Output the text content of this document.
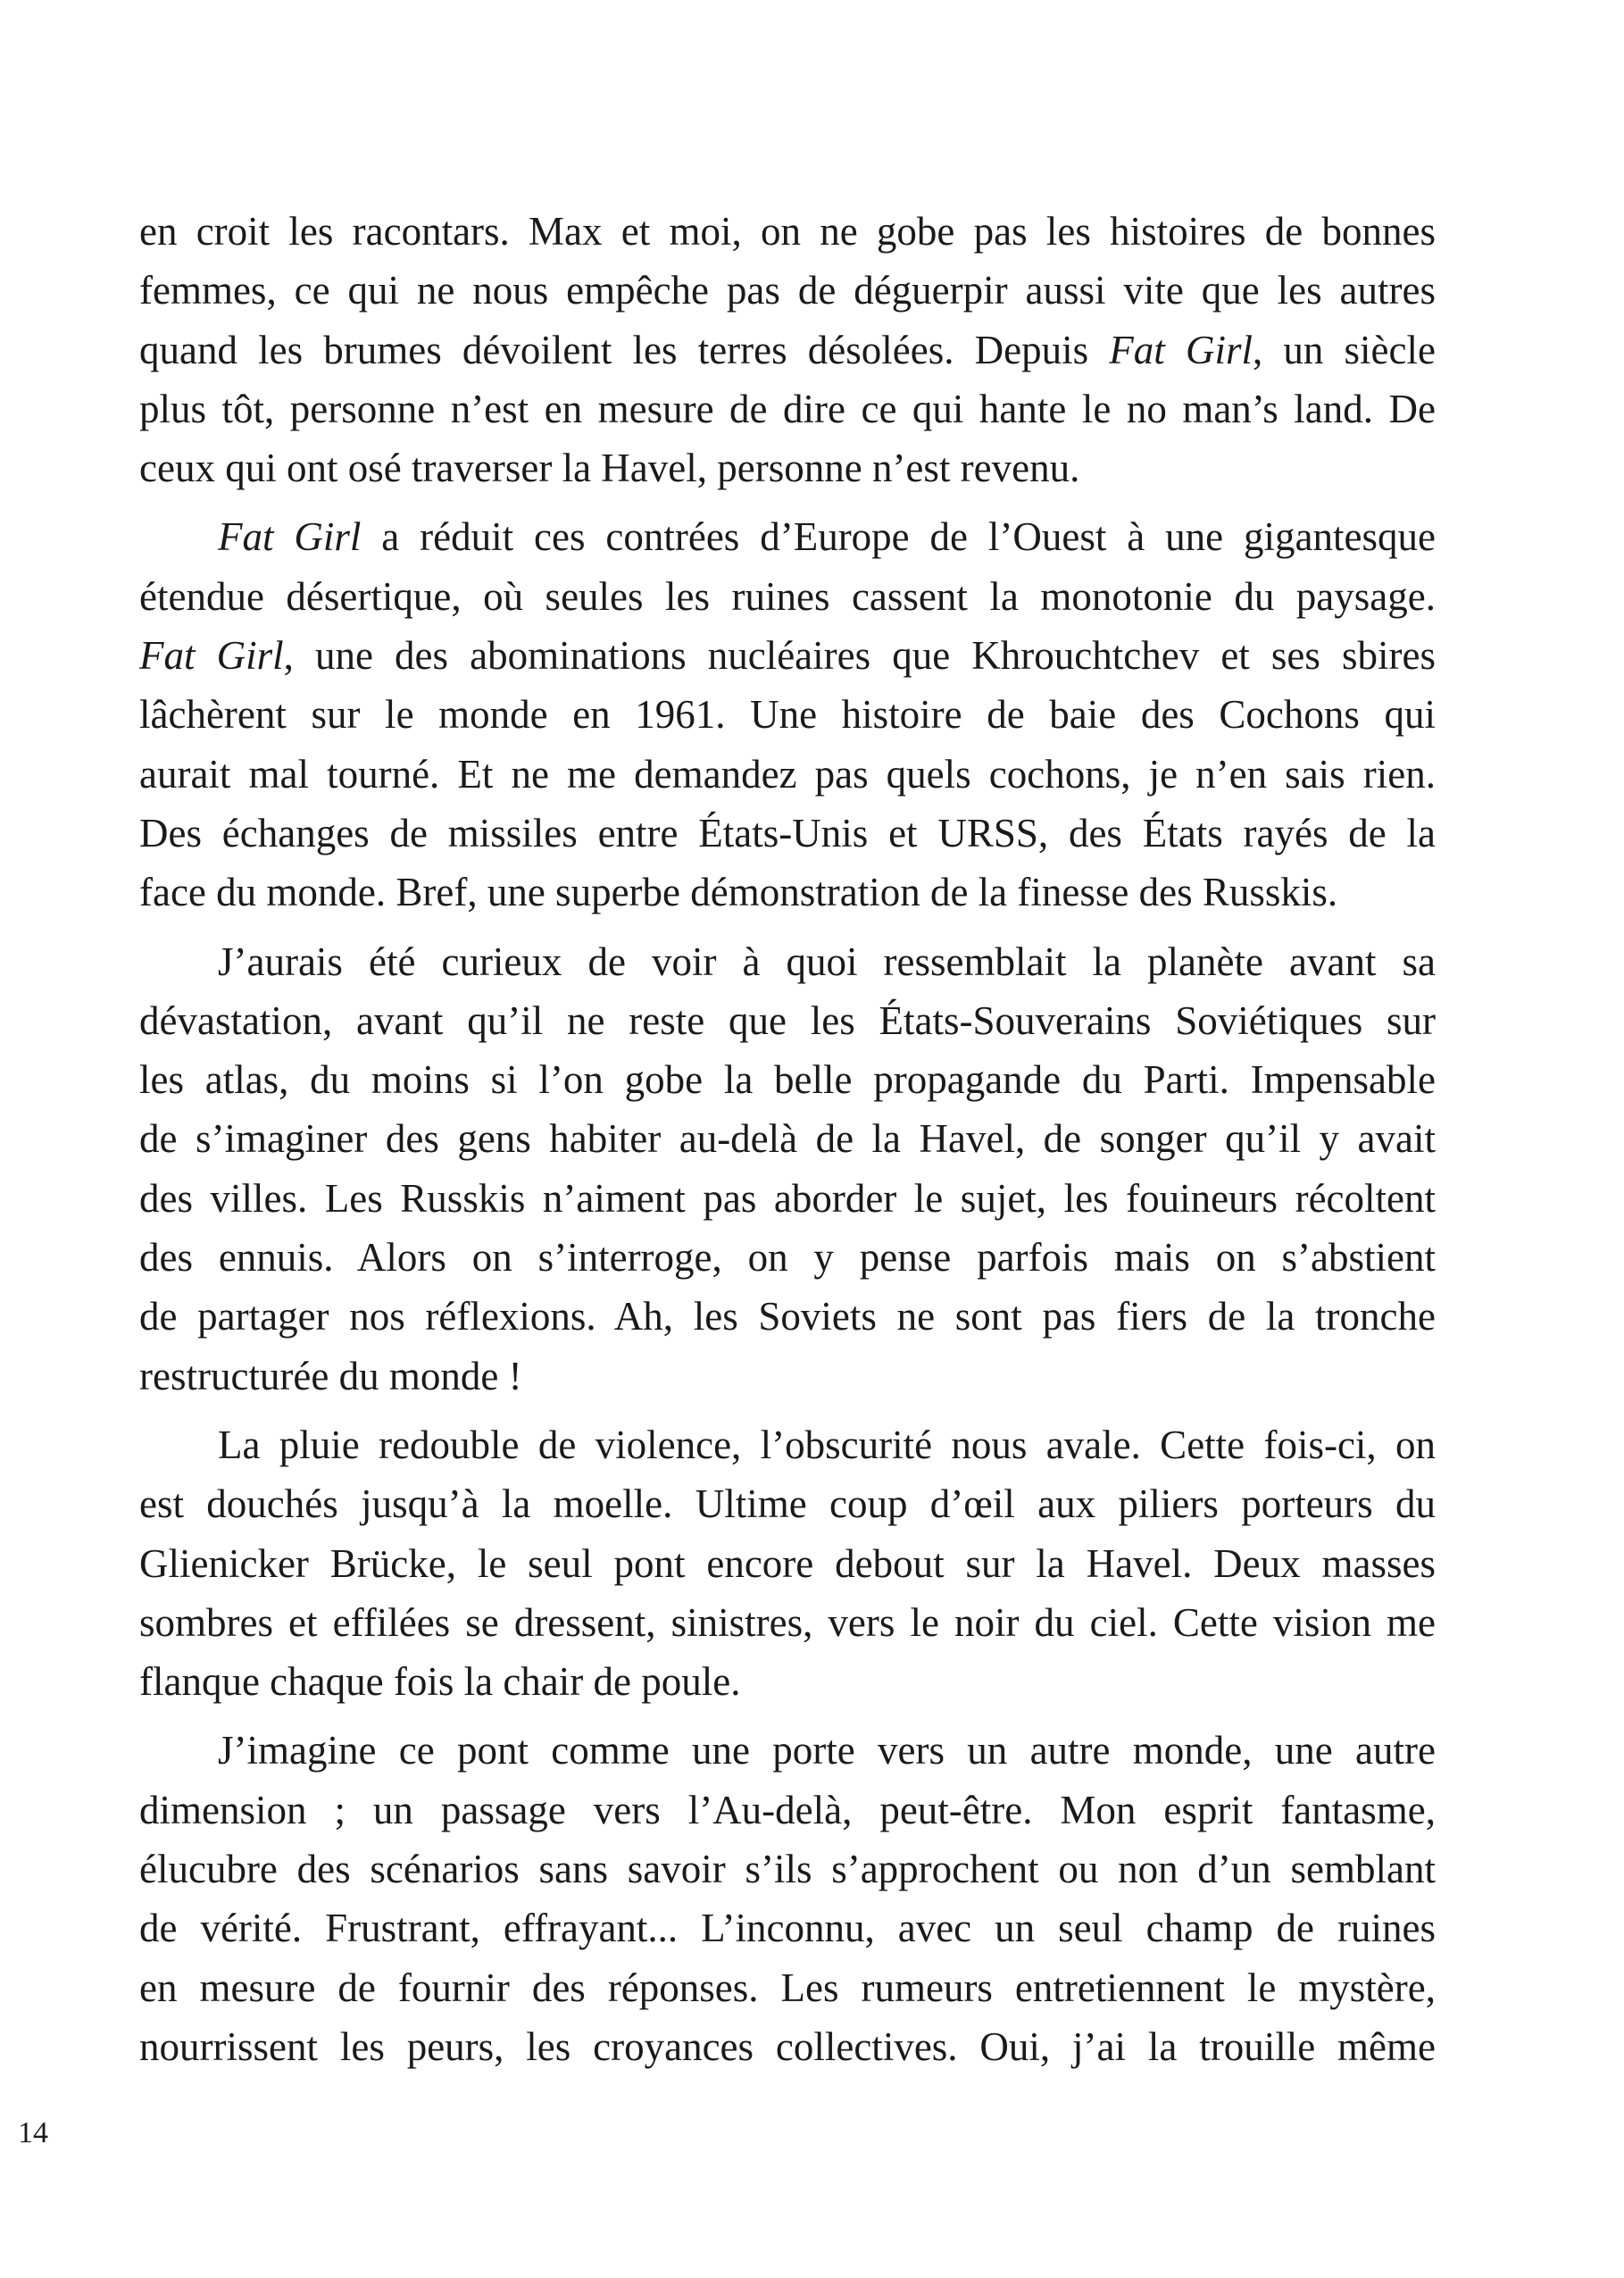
en croit les racontars. Max et moi, on ne gobe pas les histoires de bonnes
femmes, ce qui ne nous empêche pas de déguerpir aussi vite que les autres
quand les brumes dévoilent les terres désolées. Depuis Fat Girl, un siècle
plus tôt, personne n’est en mesure de dire ce qui hante le no man’s land. De
ceux qui ont osé traverser la Havel, personne n’est revenu.
Fat Girl a réduit ces contrées d’Europe de l’Ouest à une gigantesque
étendue désertique, où seules les ruines cassent la monotonie du paysage.
Fat Girl, une des abominations nucléaires que Khrouchtchev et ses sbires
lâchèrent sur le monde en 1961. Une histoire de baie des Cochons qui
aurait mal tourné. Et ne me demandez pas quels cochons, je n’en sais rien.
Des échanges de missiles entre États-Unis et URSS, des États rayés de la
face du monde. Bref, une superbe démonstration de la finesse des Russkis.
J’aurais été curieux de voir à quoi ressemblait la planète avant sa
dévastation, avant qu’il ne reste que les États-Souverains Soviétiques sur
les atlas, du moins si l’on gobe la belle propagande du Parti. Impensable
de s’imaginer des gens habiter au-delà de la Havel, de songer qu’il y avait
des villes. Les Russkis n’aiment pas aborder le sujet, les fouineurs récoltent
des ennuis. Alors on s’interroge, on y pense parfois mais on s’abstient
de partager nos réflexions. Ah, les Soviets ne sont pas fiers de la tronche
restructurée du monde !
La pluie redouble de violence, l’obscurité nous avale. Cette fois-ci, on
est douchés jusqu’à la moelle. Ultime coup d’œil aux piliers porteurs du
Glienicker Brücke, le seul pont encore debout sur la Havel. Deux masses
sombres et effilées se dressent, sinistres, vers le noir du ciel. Cette vision me
flanque chaque fois la chair de poule.
J’imagine ce pont comme une porte vers un autre monde, une autre
dimension ; un passage vers l’Au-delà, peut-être. Mon esprit fantasme,
élucubre des scénarios sans savoir s’ils s’approchent ou non d’un semblant
de vérité. Frustrant, effrayant... L’inconnu, avec un seul champ de ruines
en mesure de fournir des réponses. Les rumeurs entretiennent le mystère,
nourrissent les peurs, les croyances collectives. Oui, j’ai la trouille même
14
